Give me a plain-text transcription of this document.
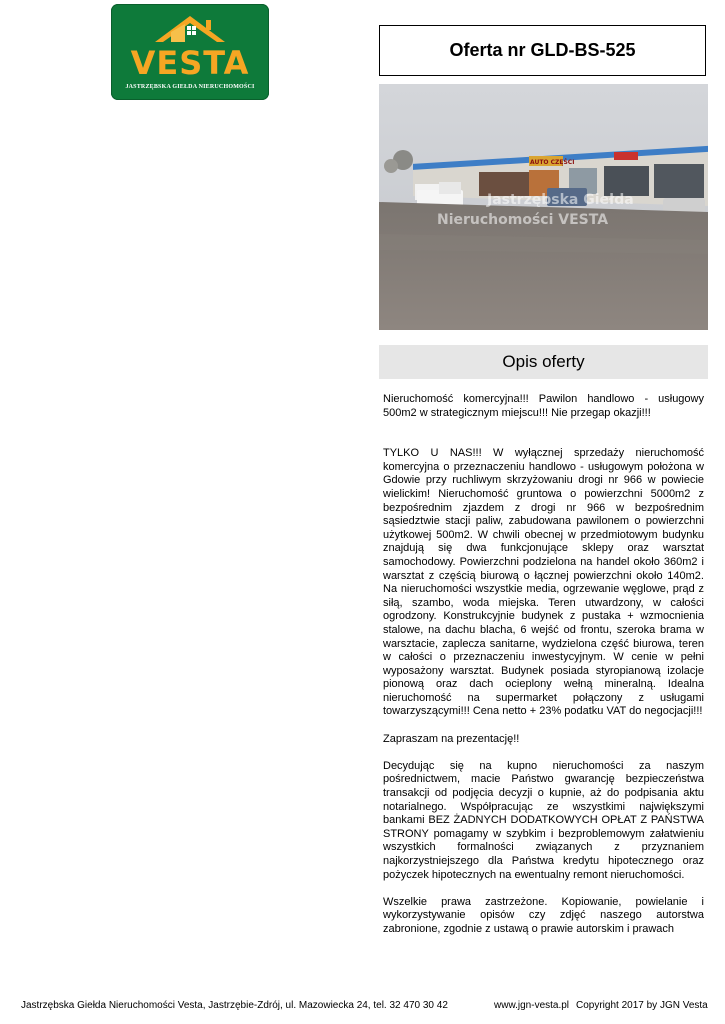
VESTA
JASTRZĘBSKA GIEŁDA NIERUCHOMOŚCI
Oferta nr GLD-BS-525
Jastrzębska Giełda
Nieruchomości VESTA
AUTO CZĘŚCI
Opis oferty

Nieruchomość komercyjna!!! Pawilon handlowo - usługowy 500m2 w strategicznym miejscu!!! Nie przegap okazji!!!

TYLKO U NAS!!! W wyłącznej sprzedaży nieruchomość komercyjna o przeznaczeniu handlowo - usługowym położona w Gdowie przy ruchliwym skrzyżowaniu drogi nr 966 w powiecie wielickim! Nieruchomość gruntowa o powierzchni 5000m2 z bezpośrednim zjazdem z drogi nr 966 w bezpośrednim sąsiedztwie stacji paliw, zabudowana pawilonem o powierzchni użytkowej 500m2. W chwili obecnej w przedmiotowym budynku znajdują się dwa funkcjonujące sklepy oraz warsztat samochodowy. Powierzchni podzielona na handel około 360m2 i warsztat z częścią biurową o łącznej powierzchni około 140m2. Na nieruchomości wszystkie media, ogrzewanie węglowe, prąd z siłą, szambo, woda miejska. Teren utwardzony, w całości ogrodzony. Konstrukcyjnie budynek z pustaka + wzmocnienia stalowe, na dachu blacha, 6 wejść od frontu, szeroka brama w warsztacie, zaplecza sanitarne, wydzielona część biurowa, teren w całości o przeznaczeniu inwestycyjnym. W cenie w pełni wyposażony warsztat. Budynek posiada styropianową izolacje pionową oraz dach ocieplony wełną mineralną. Idealna nieruchomość na supermarket połączony z usługami towarzyszącymi!!! Cena netto + 23% podatku VAT do negocjacji!!!

Zapraszam na prezentację!!

Decydując się na kupno nieruchomości za naszym pośrednictwem, macie Państwo gwarancję bezpieczeństwa transakcji od podjęcia decyzji o kupnie, aż do podpisania aktu notarialnego. Współpracując ze wszystkimi największymi bankami BEZ ŻADNYCH DODATKOWYCH OPŁAT Z PAŃSTWA STRONY pomagamy w szybkim i bezproblemowym załatwieniu wszystkich formalności związanych z przyznaniem najkorzystniejszego dla Państwa kredytu hipotecznego oraz pożyczek hipotecznych na ewentualny remont nieruchomości.

Wszelkie prawa zastrzeżone. Kopiowanie, powielanie i wykorzystywanie opisów czy zdjęć naszego autorstwa zabronione, zgodnie z ustawą o prawie autorskim i prawach

Jastrzębska Giełda Nieruchomości Vesta, Jastrzębie-Zdrój, ul. Mazowiecka 24, tel. 32 470 30 42	www.jgn-vesta.pl Copyright 2017 by JGN Vesta
